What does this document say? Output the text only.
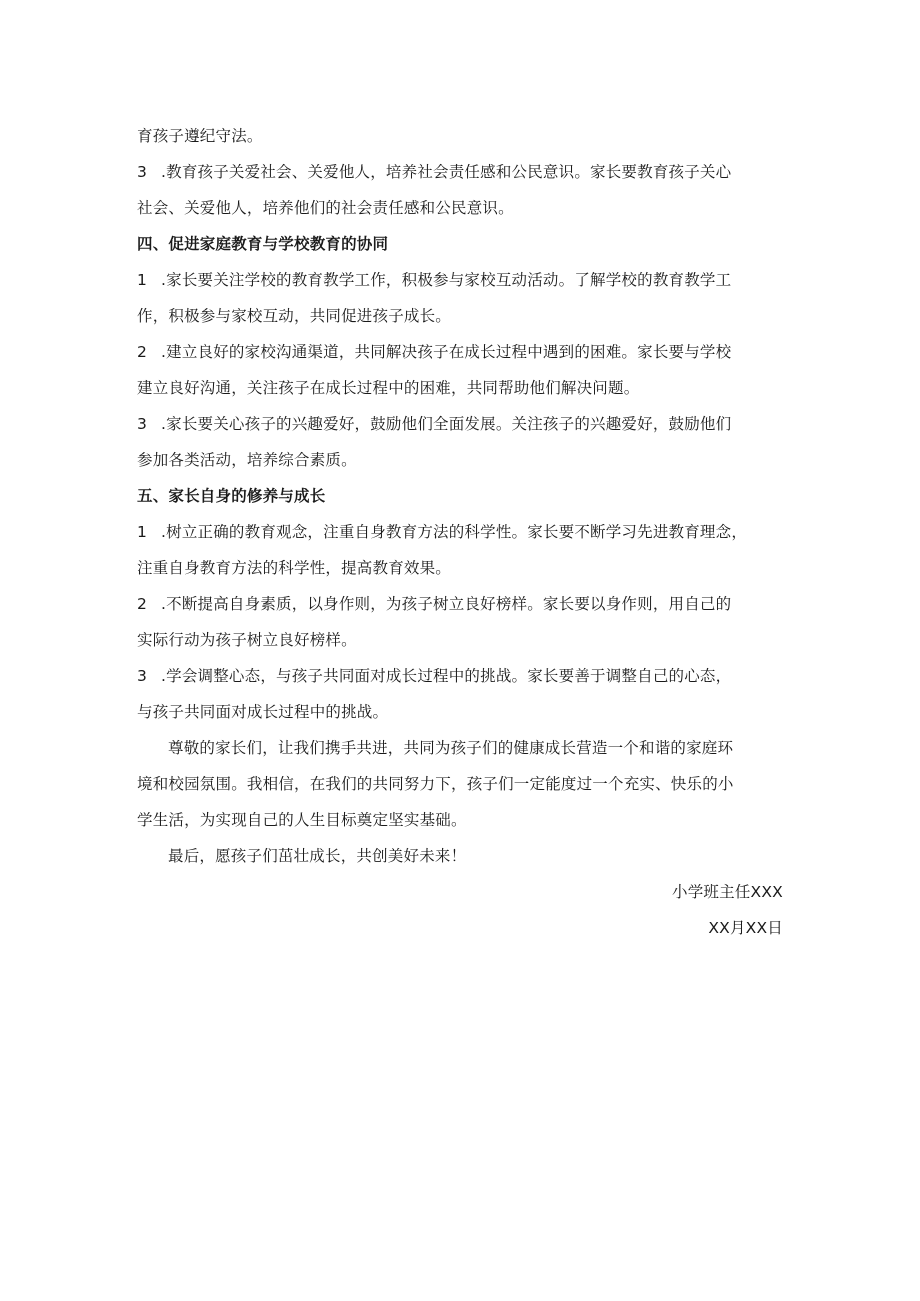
育孩子遵纪守法。
3 .教育孩子关爱社会、关爱他人，培养社会责任感和公民意识。家长要教育孩子关心
社会、关爱他人，培养他们的社会责任感和公民意识。
四、促进家庭教育与学校教育的协同
1 .家长要关注学校的教育教学工作，积极参与家校互动活动。了解学校的教育教学工
作，积极参与家校互动，共同促进孩子成长。
2 .建立良好的家校沟通渠道，共同解决孩子在成长过程中遇到的困难。家长要与学校
建立良好沟通，关注孩子在成长过程中的困难，共同帮助他们解决问题。
3 .家长要关心孩子的兴趣爱好，鼓励他们全面发展。关注孩子的兴趣爱好，鼓励他们
参加各类活动，培养综合素质。
五、家长自身的修养与成长
1 .树立正确的教育观念，注重自身教育方法的科学性。家长要不断学习先进教育理念，
注重自身教育方法的科学性，提高教育效果。
2 .不断提高自身素质，以身作则，为孩子树立良好榜样。家长要以身作则，用自己的
实际行动为孩子树立良好榜样。
3 .学会调整心态，与孩子共同面对成长过程中的挑战。家长要善于调整自己的心态，
与孩子共同面对成长过程中的挑战。
尊敬的家长们，让我们携手共进，共同为孩子们的健康成长营造一个和谐的家庭环
境和校园氛围。我相信，在我们的共同努力下，孩子们一定能度过一个充实、快乐的小
学生活，为实现自己的人生目标奠定坚实基础。
最后，愿孩子们茁壮成长，共创美好未来！
小学班主任XXX
XX月XX日
